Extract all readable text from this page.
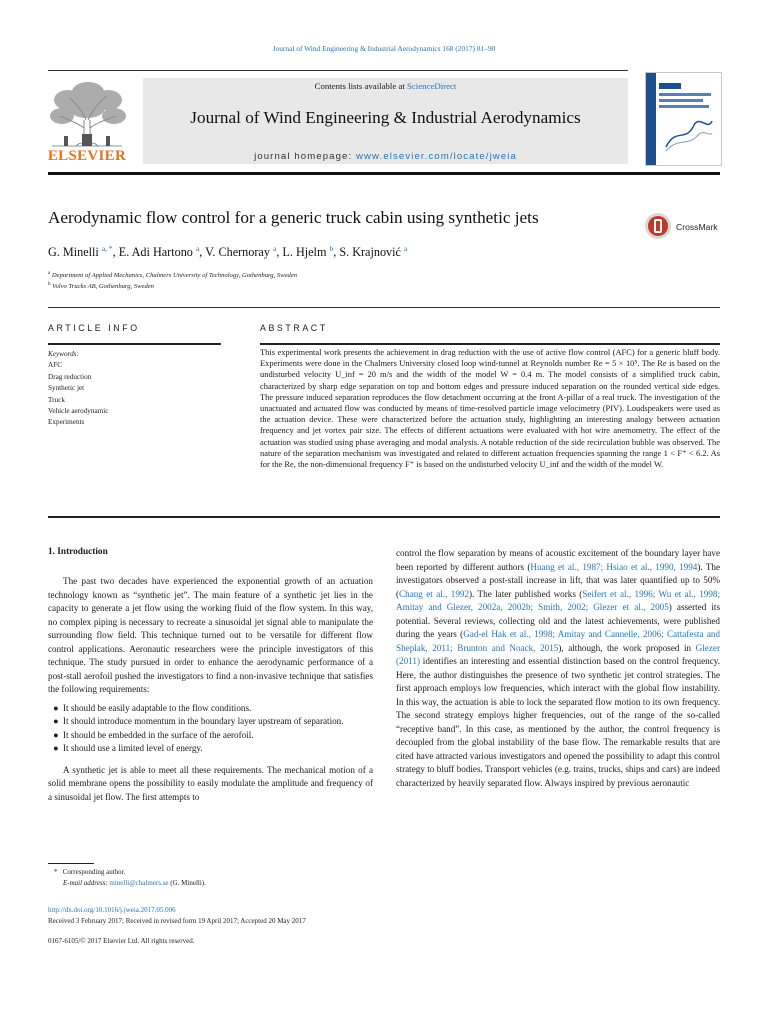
Journal of Wind Engineering & Industrial Aerodynamics 168 (2017) 81–90
ELSEVIER
Contents lists available at ScienceDirect
Journal of Wind Engineering & Industrial Aerodynamics
journal homepage: www.elsevier.com/locate/jweia
Aerodynamic flow control for a generic truck cabin using synthetic jets	CrossMark
G. Minelli $^{a, *}$, E. Adi Hartono $^a$, V. Chernoray $^a$, L. Hjelm $^b$, S. Krajnović $^a$
$^a$ Department of Applied Mechanics, Chalmers University of Technology, Gothenburg, Sweden
$^b$ Volvo Trucks AB, Gothenburg, Sweden
ARTICLE INFO	ABSTRACT
Keywords:
AFC
Drag reduction
Synthetic jet
Truck
Vehicle aerodynamic
Experiments
This experimental work presents the achievement in drag reduction with the use of active flow control (AFC) for a generic bluff body. Experiments were done in the Chalmers University closed loop wind-tunnel at Reynolds number Re = 5 × 10⁵. The Re is based on the undisturbed velocity U_inf = 20 m/s and the width of the model W = 0.4 m. The model consists of a simplified truck cabin, characterized by sharp edge separation on top and bottom edges and pressure induced separation on the rounded vertical side edges. The pressure induced separation reproduces the flow detachment occurring at the front A-pillar of a real truck. The investigation of the unactuated and actuated flow was conducted by means of time-resolved particle image velocimetry (PIV). Loudspeakers were used as the actuation device. These were characterized before the actuation study, highlighting an interesting analogy between actuation frequency and jet vortex pair size. The effects of different actuations were evaluated with hot wire anemometry. The effect of the actuation was studied using phase averaging and modal analysis. A notable reduction of the side recirculation bubble was observed. The nature of the separation mechanism was investigated and related to different actuation frequencies spanning the range 1 < F⁺ < 6.2. As for the Re, the non-dimensional frequency F⁺ is based on the undisturbed velocity U_inf and the width of the model W.
1. Introduction

The past two decades have experienced the exponential growth of an actuation technology known as “synthetic jet”. The main feature of a synthetic jet lies in the capacity to generate a jet flow using the working fluid of the flow system. In this way, no complex piping is necessary to recreate a sinusoidal jet signal able to manipulate the surrounding flow field. This technique turned out to be versatile for different flow control applications. Aeronautic researchers were the principle investigators of this technique. The study pursued in order to enhance the aerodynamic performance of a post-stall aerofoil pushed the investigators to find a non-invasive technique that satisfies the following requirements:

● It should be easily adaptable to the flow conditions.
● It should introduce momentum in the boundary layer upstream of separation.
● It should be embedded in the surface of the aerofoil.
● It should use a limited level of energy.

A synthetic jet is able to meet all these requirements. The mechanical motion of a solid membrane opens the possibility to easily modulate the amplitude and frequency of a sinusoidal jet flow. The first attempts to

control the flow separation by means of acoustic excitement of the boundary layer have been reported by different authors (Huang et al., 1987; Hsiao et al., 1990, 1994). The investigators observed a post-stall increase in lift, that was later quantified up to 50% (Chang et al., 1992). The later published works (Seifert et al., 1996; Wu et al., 1998; Amitay and Glezer, 2002a, 2002b; Smith, 2002; Glezer et al., 2005) asserted its potential. Several reviews, collecting old and the latest achievements, were published during the years (Gad-el Hak et al., 1998; Amitay and Cannelle, 2006; Cattafesta and Sheplak, 2011; Brunton and Noack, 2015), although, the work proposed in Glezer (2011) identifies an interesting and essential distinction based on the control frequency. Here, the author distinguishes the presence of two synthetic jet control strategies. The first approach employs low frequencies, which interact with the global flow instability. In this way, the actuation is able to lock the separated flow motion to its own frequency. The second strategy employs higher frequencies, out of the range of the so-called “receptive band”. In this case, as mentioned by the author, the control frequency is decoupled from the global instability of the base flow. The remarkable results that are cited have attracted various investigators and opened the possibility to adapt this control strategy to bluff bodies. Transport vehicles (e.g. trains, trucks, ships and cars) are indeed characterized by heavily separated flow. Always inspired by previous aeronautic
* Corresponding author.
E-mail address: minelli@chalmers.se (G. Minelli).
http://dx.doi.org/10.1016/j.jweia.2017.05.006
Received 3 February 2017; Received in revised form 19 April 2017; Accepted 20 May 2017
0167-6105/© 2017 Elsevier Ltd. All rights reserved.
